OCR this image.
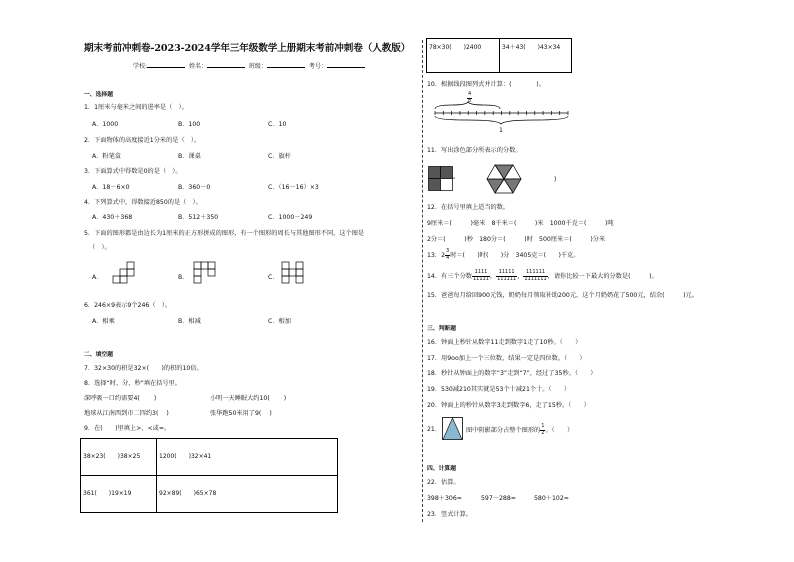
期末考前冲刺卷-2023-2024学年三年级数学上册期末考前冲刺卷（人教版）
学校:	姓名：	班级：	考号：
一、选择题
1．1厘米与毫米之间的进率是（　）。
A．1000	B．100	C．10
2．下面物体的高度接近1分米的是（　）。
A．粉笔盒	B．课桌	C．旗杆
3．下面算式中得数是0的是（　）。
A．18－6×0	B．360－0	C．（16－16）×3
4．下列算式中，得数接近850的是（　）。
A．430＋368	B．512＋350	C．1000－249
5．下面的图形都是由边长为1厘米的正方形拼成的图形，有一个图形的周长与其他图形不同，这个图是
（　）。
A．	B．	C．
6．246×9表示9个246（　）。
A．相乘	B．相减	C．相加
二、填空题
7．32×30的积是32×(　　)的积的10倍。
8．选择“时、分、秒”填在括号里。
深呼吸一口约需要4( )	小明一天睡眠大约10( )
地球从江南西到市二四约3( )	张华跑50米用了9( )
9．在(　　)里填上>、<或=。
38×23(　　)38×25	1200(　　)32×41
361(　　)19×19	92×89(　　)65×78
78×30(　　)2400	34＋43(　　)43×34
10．根据线段图列式并计算：(　　　　)。
$\frac{4}{8}$
1
11．写出涂色部分所表示的分数。
)
12．在括号里填上适当的数。
9厘米＝(　　　)毫米　8千米＝(　　　)米　1000千克＝(　　　)吨
2分＝(　　　)秒　180分＝(　　　)时　500厘米＝(　　　)分米
13．$2 \frac{3}{4}$ 时＝(　　)时(　　)分　3405克＝(　　)千克。
14．有三个分数 $\frac{1111}{11111}$ ， $\frac{11111}{111111}$ ， $\frac{111111}{1111111}$ ，请你比较一下最大的分数是(　　　)。
15．爸爸每月给回900元钱，奶奶每月领取补助200元，这个月奶奶花了500元，结余(　　　)元。
三、判断题
16．钟面上秒针从数字11走到数字1走了10秒。（　　）
17．用9oo加上一个三位数，结果一定是四位数。（　　）
18．秒针从钟面上的数字“3”走到“7”，经过了35秒。（　　）
19．530减210其实就是53个十减21个十。（　　）
20．钟面上的秒针从数字3走到数字6，走了15秒。（　　）
21．	图中阴影部分占整个图形的 $\frac{1}{2}$ 。（　　）
四、计算题
22．估算。
398＋306≈	597－288≈	580＋102≈
23．竖式计算。
